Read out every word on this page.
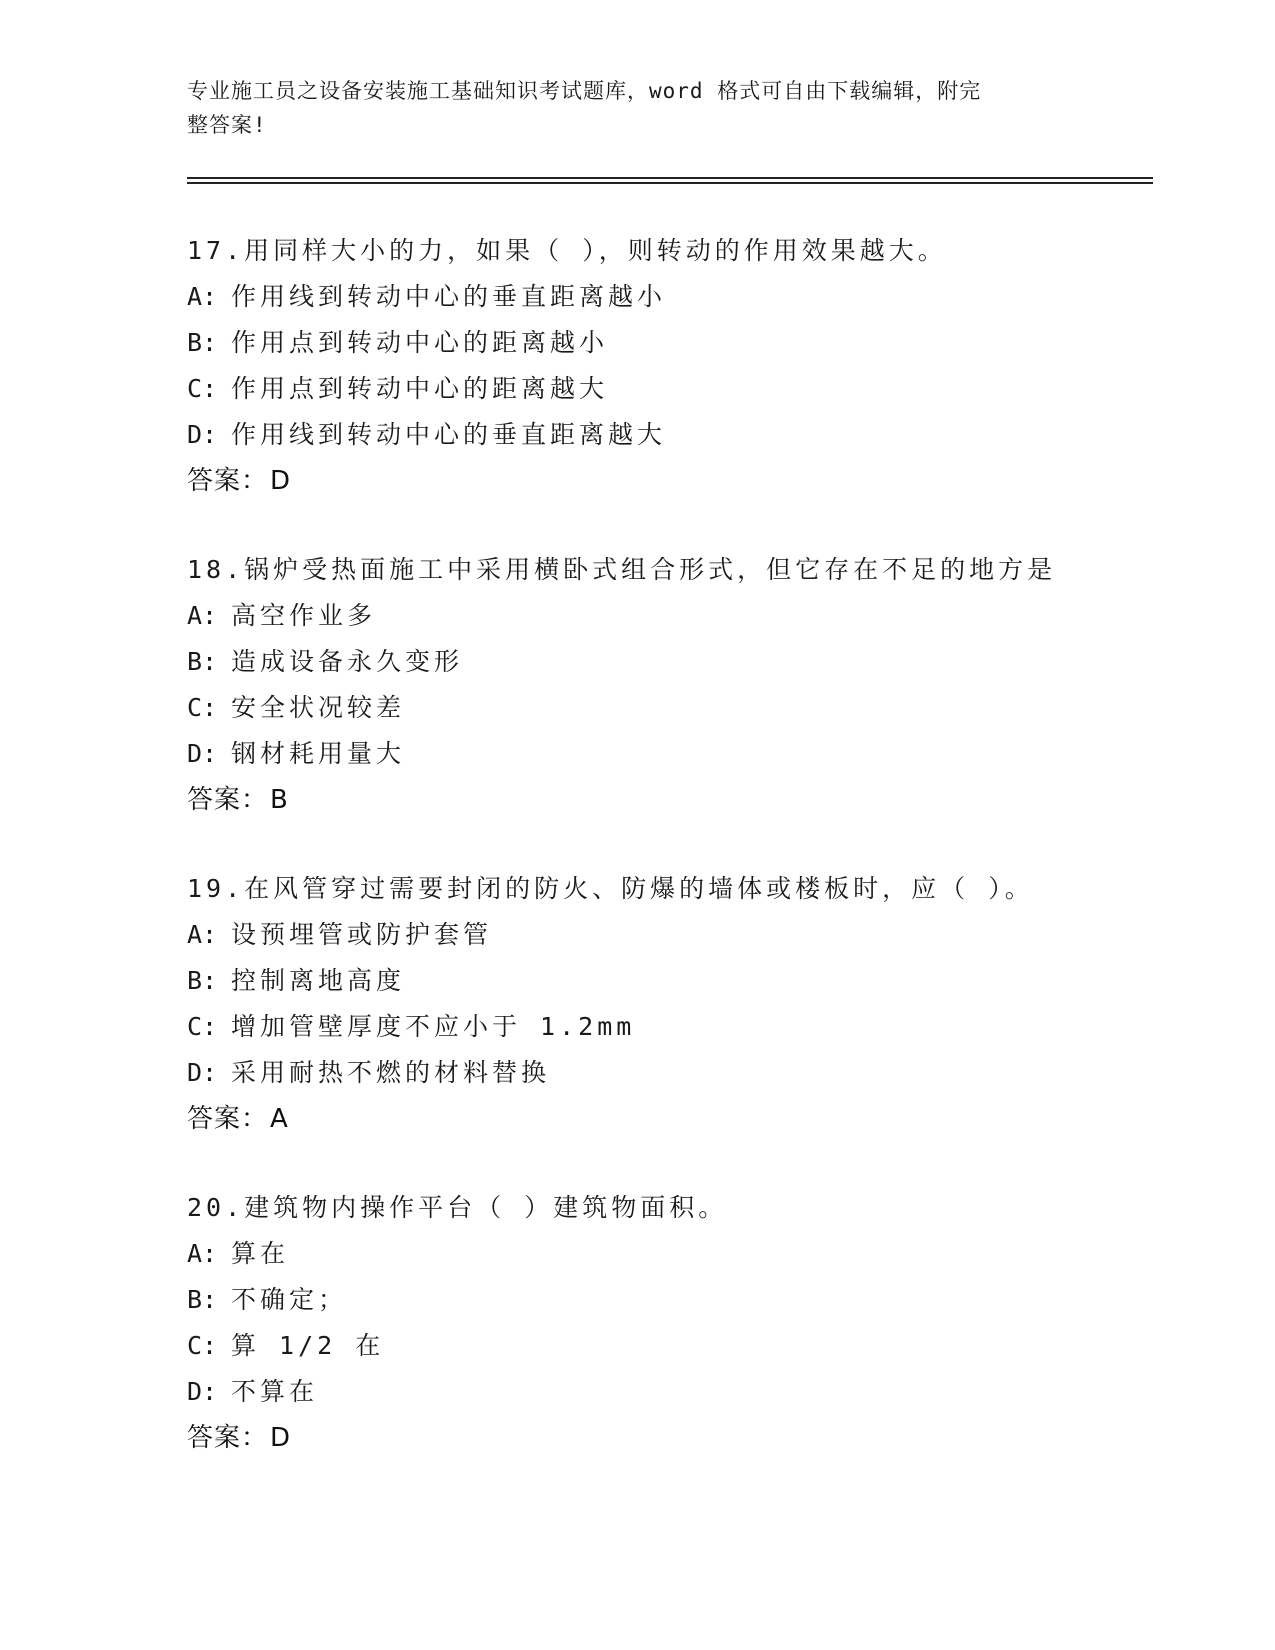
专业施工员之设备安装施工基础知识考试题库，word 格式可自由下载编辑，附完
整答案!
17.用同样大小的力，如果（ ），则转动的作用效果越大。
A: 作用线到转动中心的垂直距离越小
B: 作用点到转动中心的距离越小
C: 作用点到转动中心的距离越大
D: 作用线到转动中心的垂直距离越大
答案：D
18.锅炉受热面施工中采用横卧式组合形式，但它存在不足的地方是
A: 高空作业多
B: 造成设备永久变形
C: 安全状况较差
D: 钢材耗用量大
答案：B
19.在风管穿过需要封闭的防火、防爆的墙体或楼板时，应（ ）。
A: 设预埋管或防护套管
B: 控制离地高度
C: 增加管壁厚度不应小于 1.2mm
D: 采用耐热不燃的材料替换
答案：A
20.建筑物内操作平台（ ）建筑物面积。
A: 算在
B: 不确定；
C: 算 1/2 在
D: 不算在
答案：D
